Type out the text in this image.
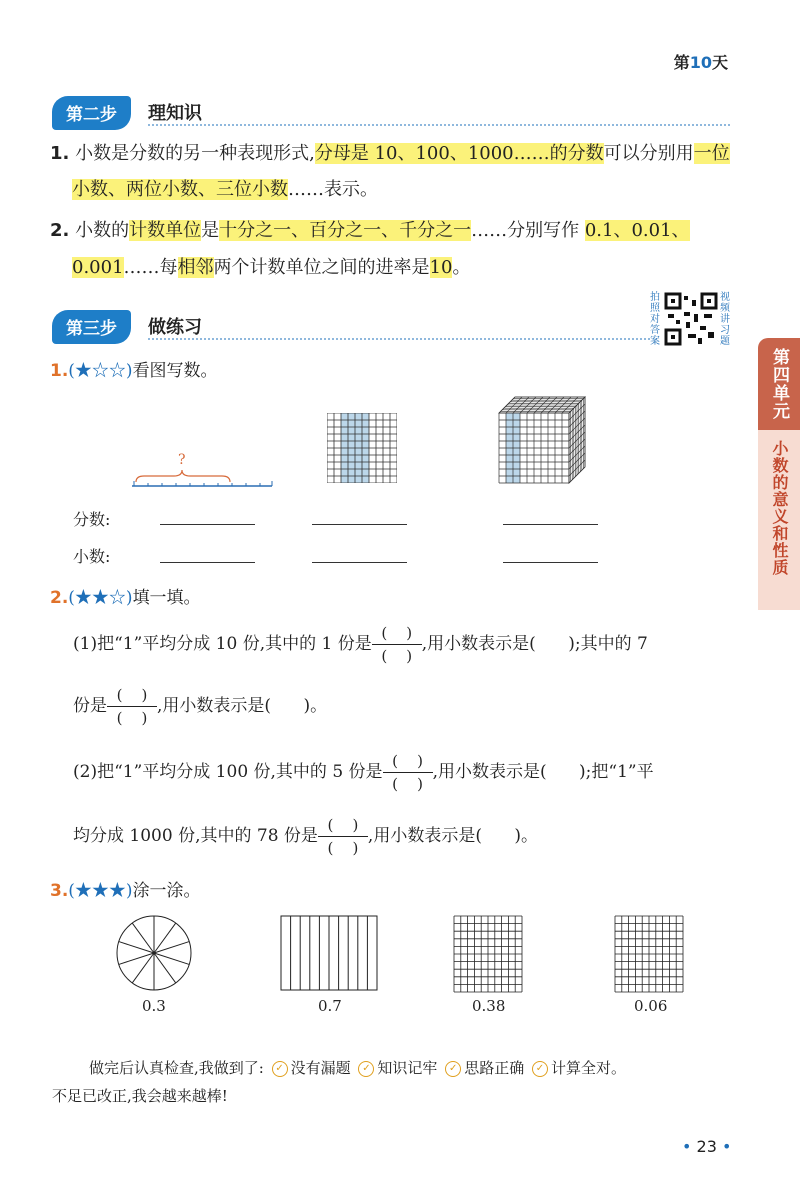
第10天
第四单元
小数的意义和性质
第二步	理知识
1. 小数是分数的另一种表现形式,分母是 10、100、1000……的分数可以分别用一位
小数、两位小数、三位小数……表示。
2. 小数的计数单位是十分之一、百分之一、千分之一……分别写作 0.1、0.01、
0.001……每相邻两个计数单位之间的进率是10。
第三步	做练习
拍照对答案
视频讲习题
1.(★☆☆)看图写数。
?
分数:
小数:
2.(★★☆)填一填。
(1)把“1”平均分成 10 份,其中的 1 份是( )
( ),用小数表示是( );其中的 7
份是( )
( ),用小数表示是( )。
(2)把“1”平均分成 100 份,其中的 5 份是( )
( ),用小数表示是( );把“1”平
均分成 1000 份,其中的 78 份是( )
( ),用小数表示是( )。
3.(★★★)涂一涂。
0.3	0.7	0.38	0.06
做完后认真检查,我做到了: ✓ 没有漏题 ✓ 知识记牢 ✓ 思路正确 ✓ 计算全对。
不足已改正,我会越来越棒!
• 23 •
